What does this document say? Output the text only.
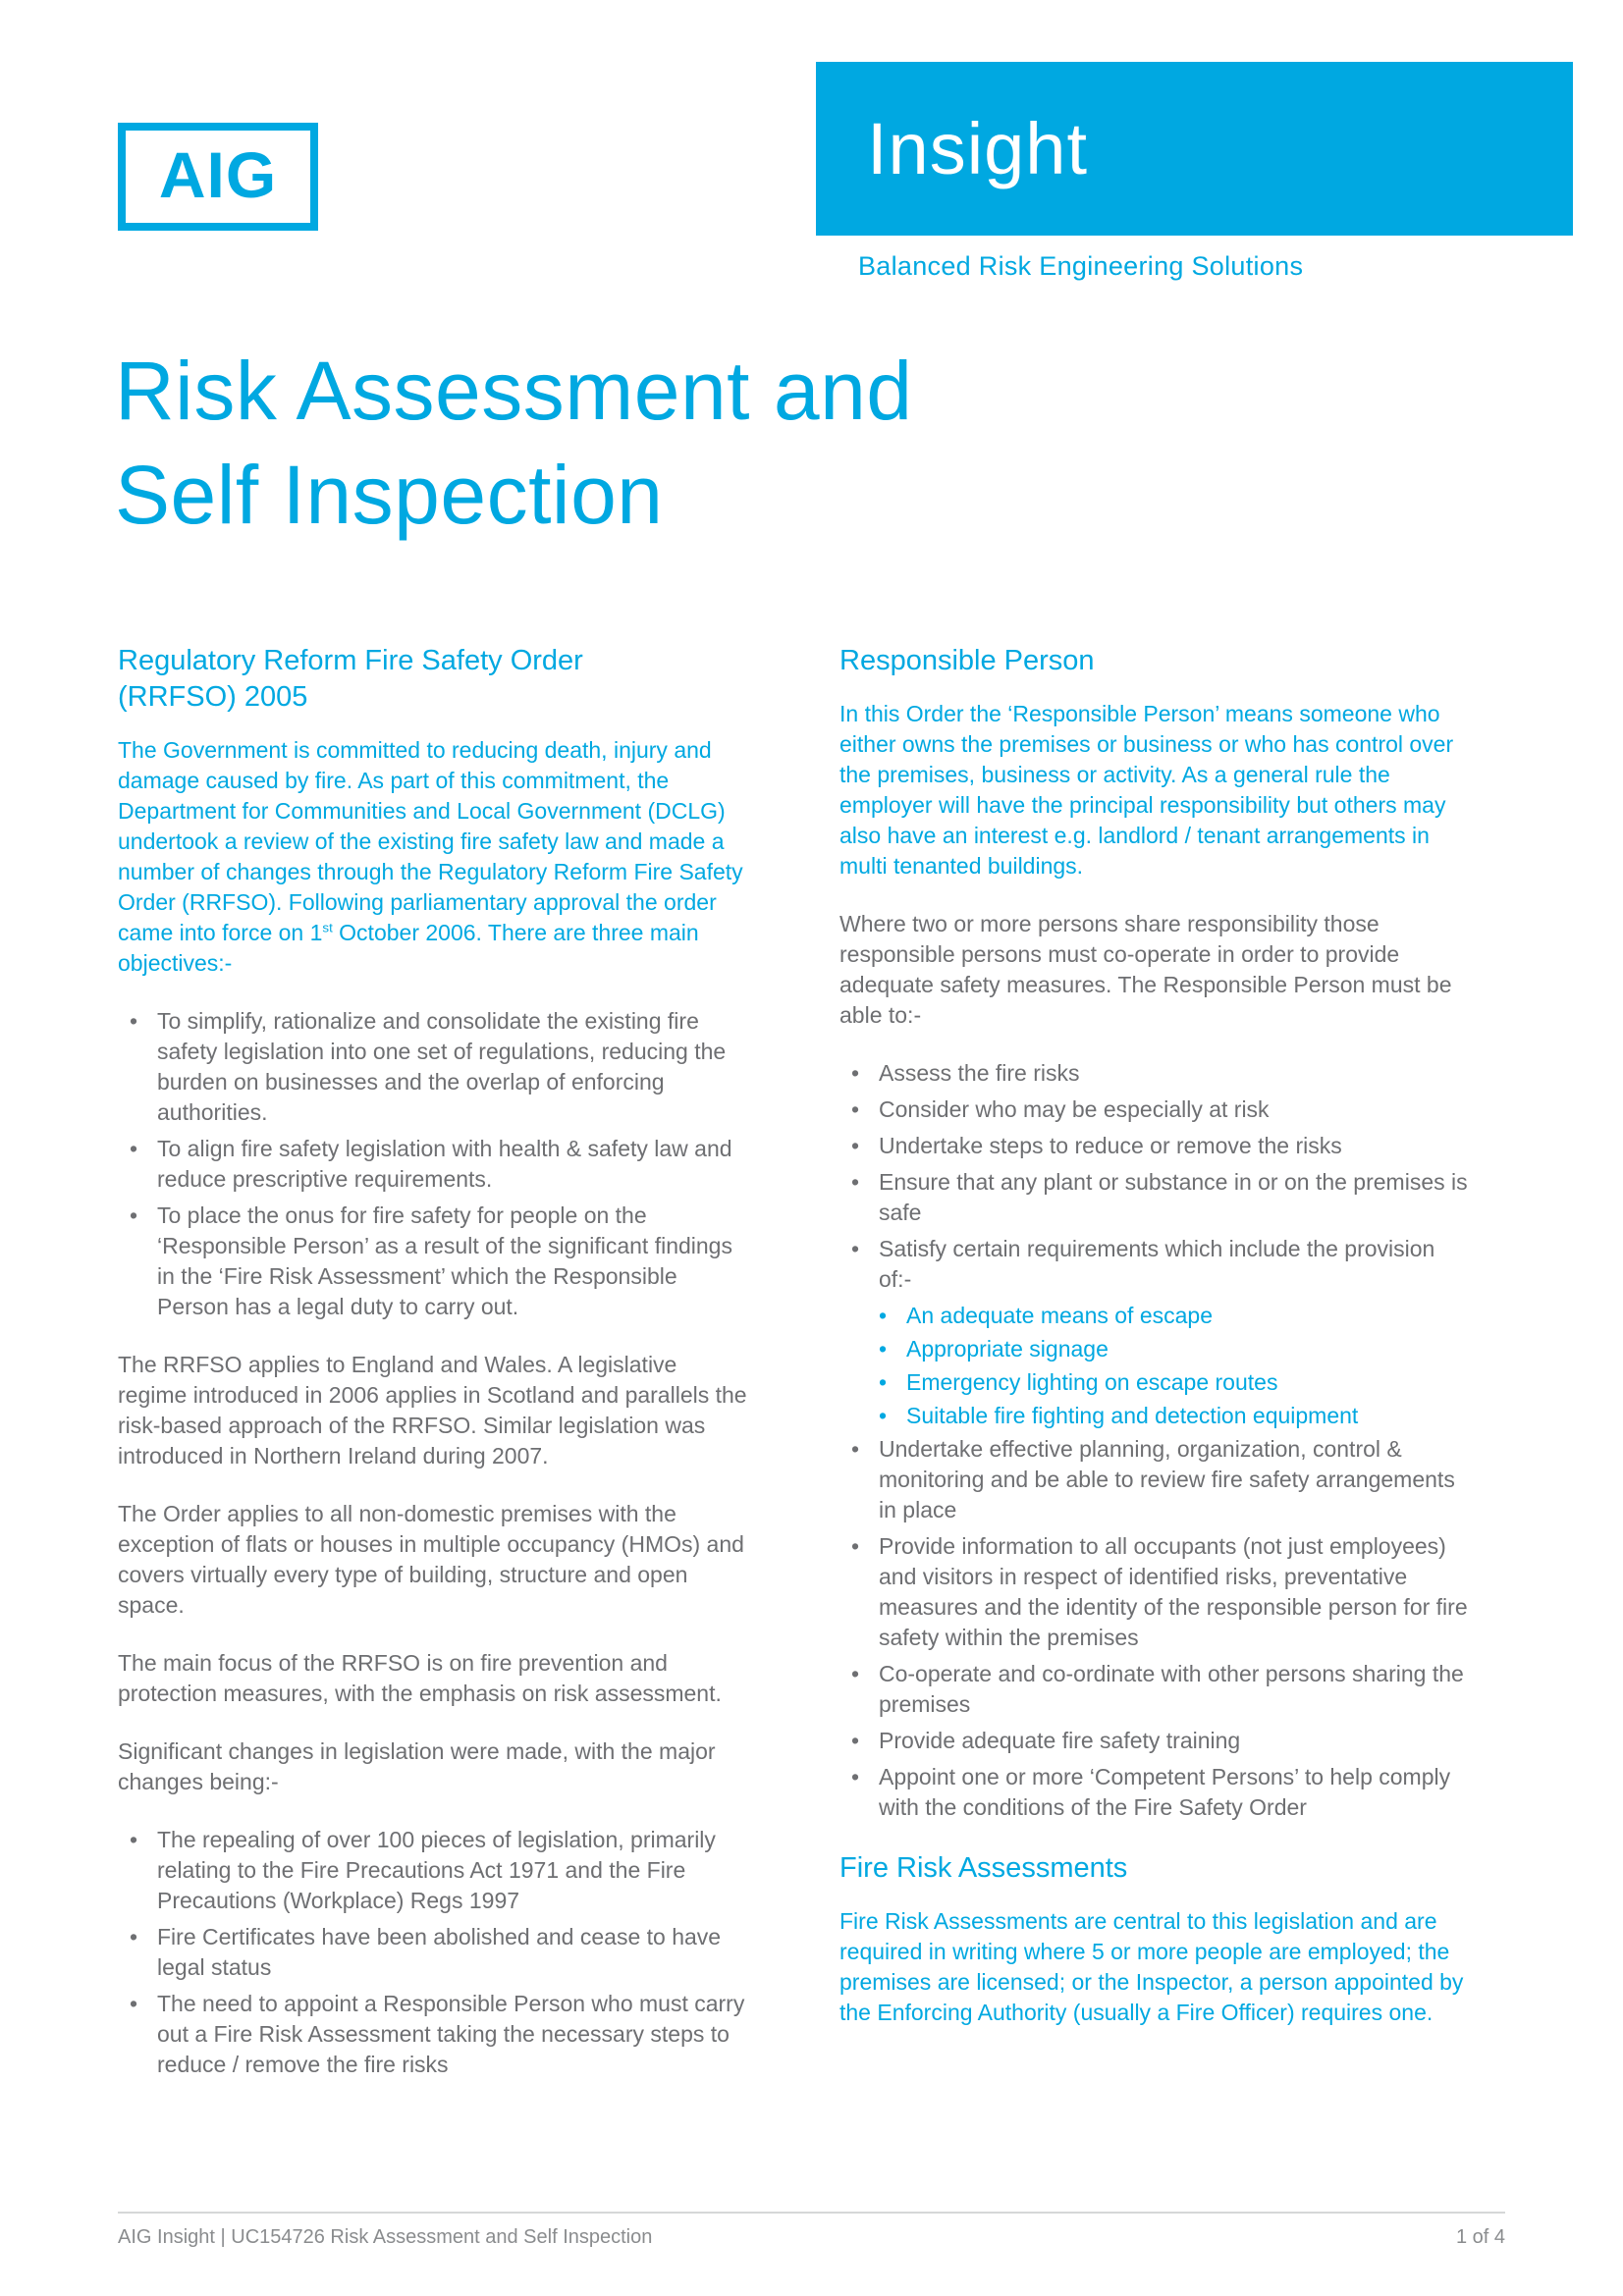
AIG	Insight
Balanced Risk Engineering Solutions
Risk Assessment and
Self Inspection
Regulatory Reform Fire Safety Order (RRFSO) 2005

The Government is committed to reducing death, injury and damage caused by fire. As part of this commitment, the Department for Communities and Local Government (DCLG) undertook a review of the existing fire safety law and made a number of changes through the Regulatory Reform Fire Safety Order (RRFSO). Following parliamentary approval the order came into force on 1st October 2006. There are three main objectives:-

• To simplify, rationalize and consolidate the existing fire safety legislation into one set of regulations, reducing the burden on businesses and the overlap of enforcing authorities.
• To align fire safety legislation with health & safety law and reduce prescriptive requirements.
• To place the onus for fire safety for people on the ‘Responsible Person’ as a result of the significant findings in the ‘Fire Risk Assessment’ which the Responsible Person has a legal duty to carry out.

The RRFSO applies to England and Wales. A legislative regime introduced in 2006 applies in Scotland and parallels the risk-based approach of the RRFSO. Similar legislation was introduced in Northern Ireland during 2007.

The Order applies to all non-domestic premises with the exception of flats or houses in multiple occupancy (HMOs) and covers virtually every type of building, structure and open space.

The main focus of the RRFSO is on fire prevention and protection measures, with the emphasis on risk assessment.

Significant changes in legislation were made, with the major changes being:-

• The repealing of over 100 pieces of legislation, primarily relating to the Fire Precautions Act 1971 and the Fire Precautions (Workplace) Regs 1997
• Fire Certificates have been abolished and cease to have legal status
• The need to appoint a Responsible Person who must carry out a Fire Risk Assessment taking the necessary steps to reduce / remove the fire risks
Responsible Person

In this Order the ‘Responsible Person’ means someone who either owns the premises or business or who has control over the premises, business or activity. As a general rule the employer will have the principal responsibility but others may also have an interest e.g. landlord / tenant arrangements in multi tenanted buildings.

Where two or more persons share responsibility those responsible persons must co-operate in order to provide adequate safety measures. The Responsible Person must be able to:-

• Assess the fire risks
• Consider who may be especially at risk
• Undertake steps to reduce or remove the risks
• Ensure that any plant or substance in or on the premises is safe
• Satisfy certain requirements which include the provision of:-
• An adequate means of escape
• Appropriate signage
• Emergency lighting on escape routes
• Suitable fire fighting and detection equipment
• Undertake effective planning, organization, control & monitoring and be able to review fire safety arrangements in place
• Provide information to all occupants (not just employees) and visitors in respect of identified risks, preventative measures and the identity of the responsible person for fire safety within the premises
• Co-operate and co-ordinate with other persons sharing the premises
• Provide adequate fire safety training
• Appoint one or more ‘Competent Persons’ to help comply with the conditions of the Fire Safety Order
Fire Risk Assessments

Fire Risk Assessments are central to this legislation and are required in writing where 5 or more people are employed; the premises are licensed; or the Inspector, a person appointed by the Enforcing Authority (usually a Fire Officer) requires one.

AIG Insight | UC154726 Risk Assessment and Self Inspection	1 of 4
